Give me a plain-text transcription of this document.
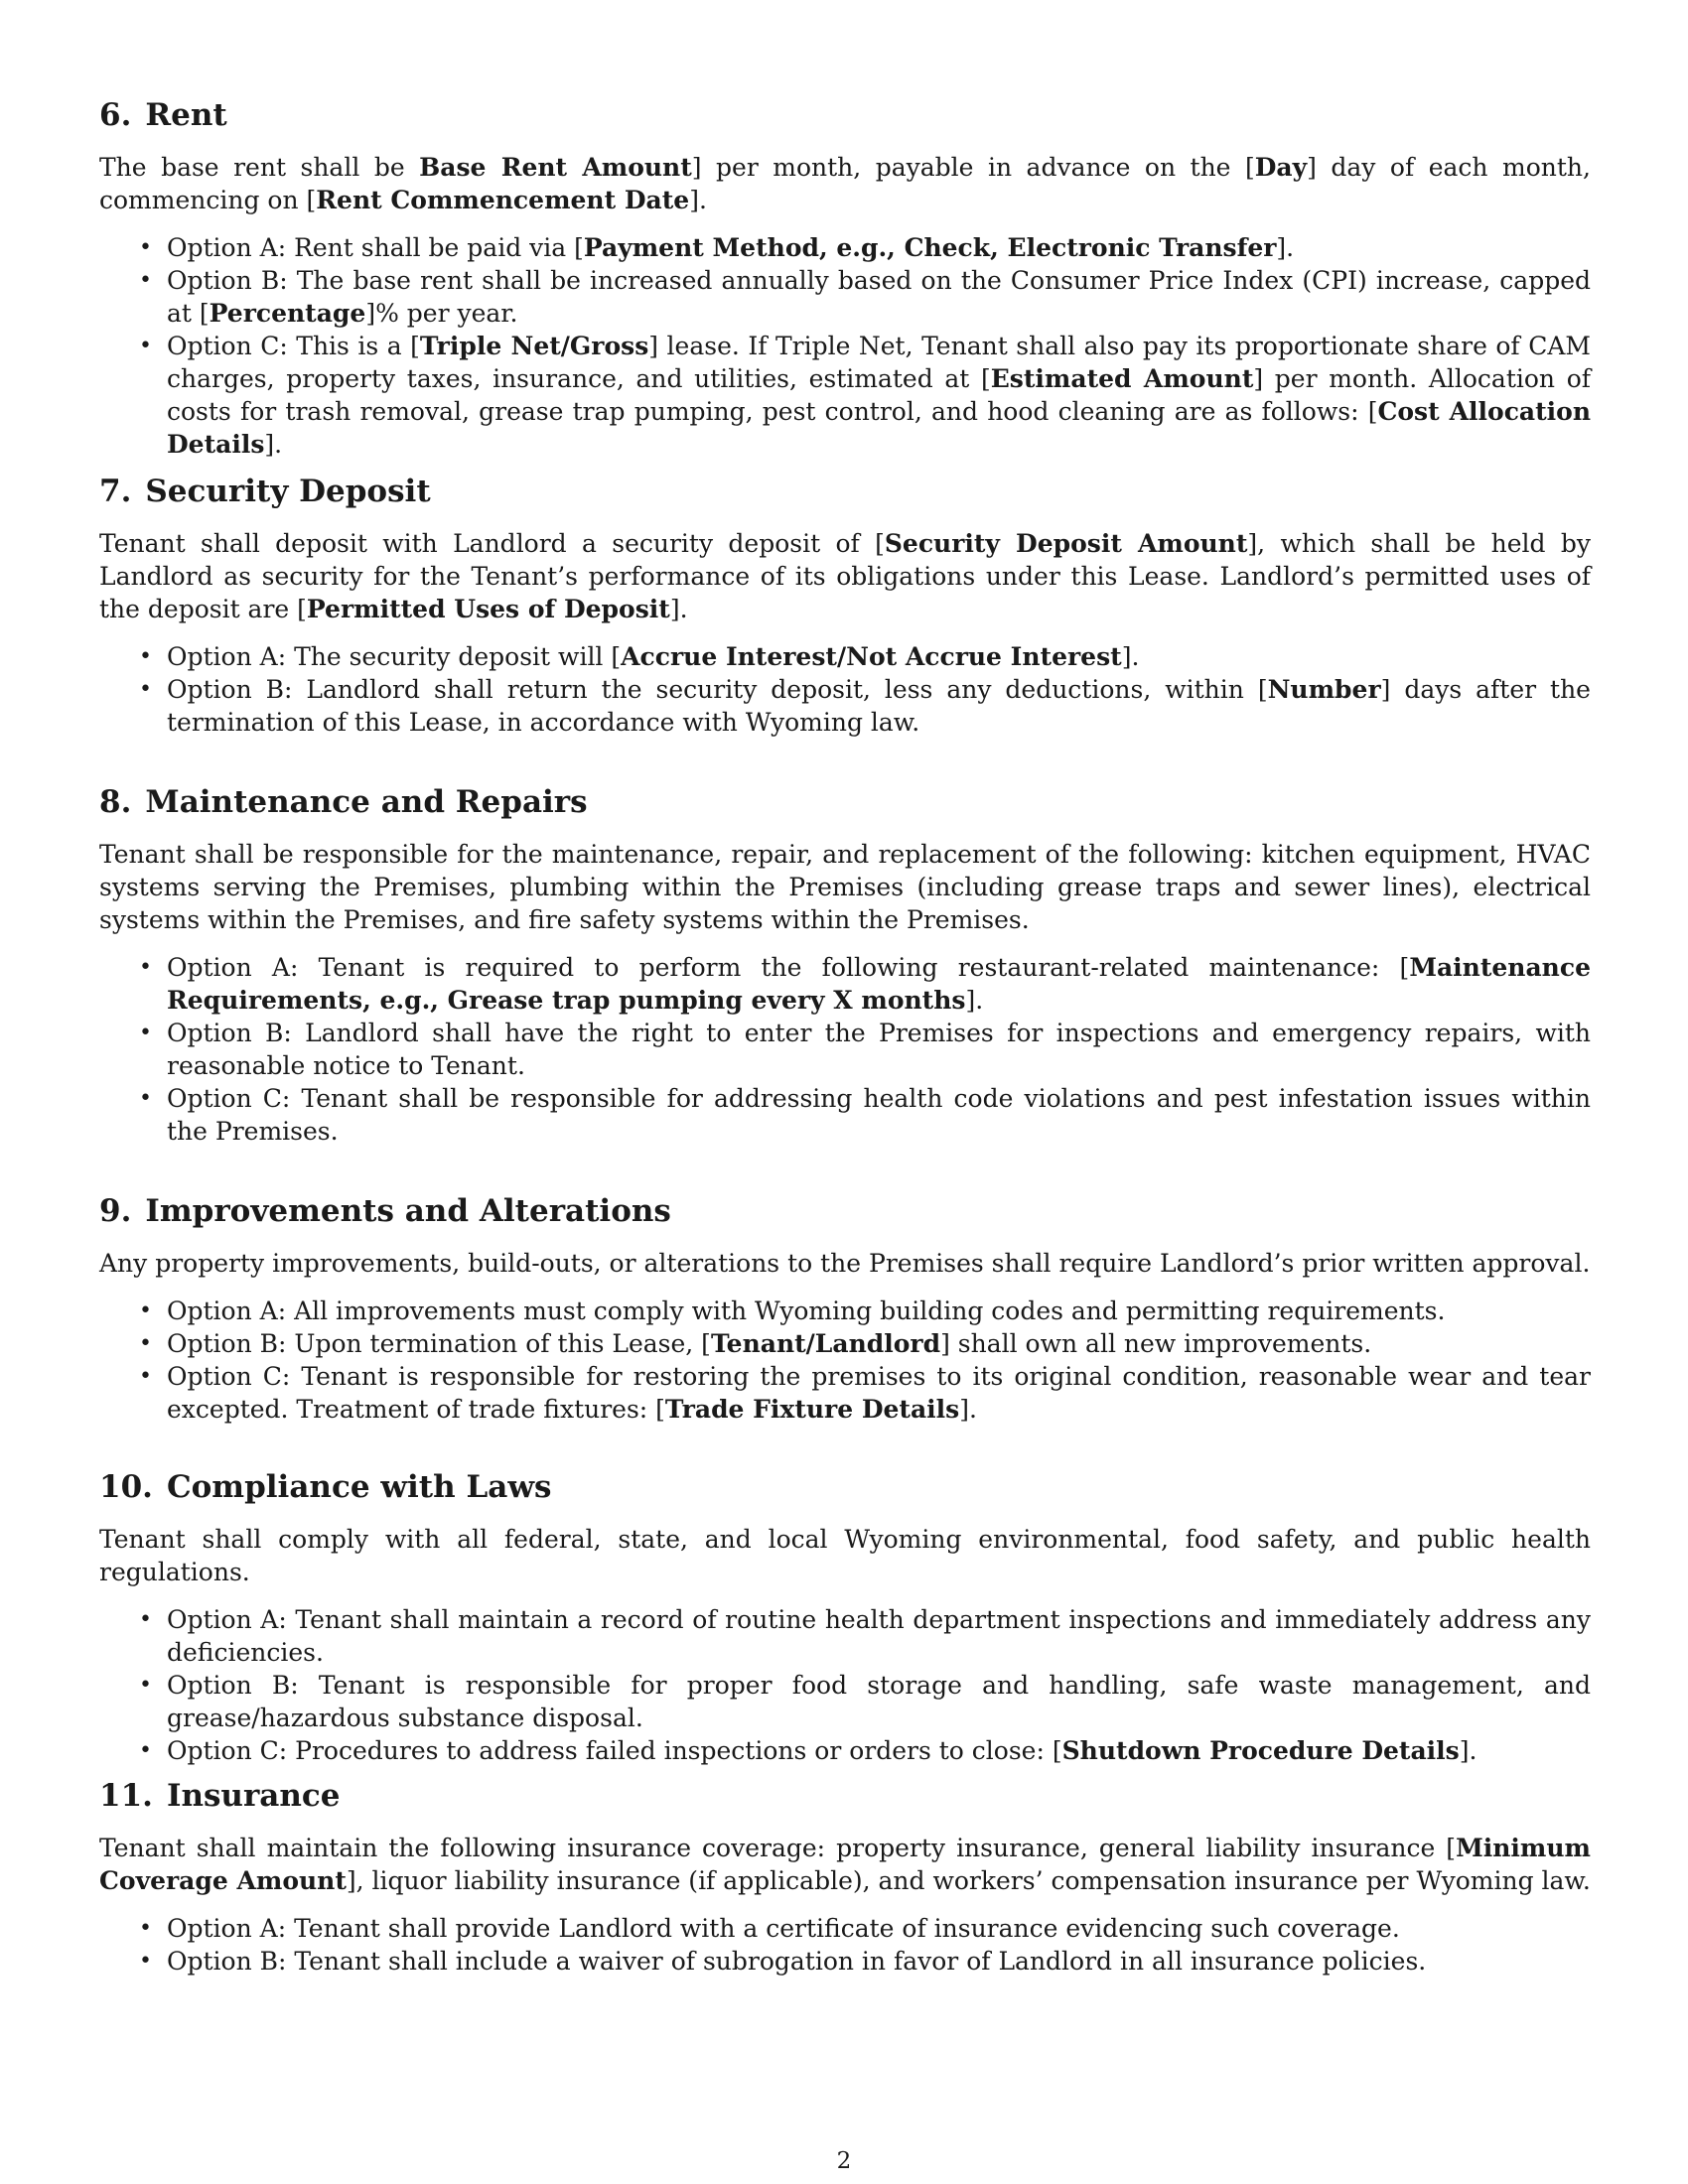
6. Rent

The base rent shall be Base Rent Amount] per month, payable in advance on the [Day] day of each month, commencing on [Rent Commencement Date].

• Option A: Rent shall be paid via [Payment Method, e.g., Check, Electronic Transfer].
• Option B: The base rent shall be increased annually based on the Consumer Price Index (CPI) increase, capped at [Percentage]% per year.
• Option C: This is a [Triple Net/Gross] lease. If Triple Net, Tenant shall also pay its proportionate share of CAM charges, property taxes, insurance, and utilities, estimated at [Estimated Amount] per month. Allocation of costs for trash removal, grease trap pumping, pest control, and hood cleaning are as follows: [Cost Allocation Details].
7. Security Deposit

Tenant shall deposit with Landlord a security deposit of [Security Deposit Amount], which shall be held by Landlord as security for the Tenant’s performance of its obligations under this Lease. Landlord’s permitted uses of the deposit are [Permitted Uses of Deposit].

• Option A: The security deposit will [Accrue Interest/Not Accrue Interest].
• Option B: Landlord shall return the security deposit, less any deductions, within [Number] days after the termination of this Lease, in accordance with Wyoming law.
8. Maintenance and Repairs

Tenant shall be responsible for the maintenance, repair, and replacement of the following: kitchen equipment, HVAC systems serving the Premises, plumbing within the Premises (including grease traps and sewer lines), electrical systems within the Premises, and fire safety systems within the Premises.

• Option A: Tenant is required to perform the following restaurant-related maintenance: [Maintenance Requirements, e.g., Grease trap pumping every X months].
• Option B: Landlord shall have the right to enter the Premises for inspections and emergency repairs, with reasonable notice to Tenant.
• Option C: Tenant shall be responsible for addressing health code violations and pest infestation issues within the Premises.
9. Improvements and Alterations

Any property improvements, build-outs, or alterations to the Premises shall require Landlord’s prior written approval.

• Option A: All improvements must comply with Wyoming building codes and permitting requirements.
• Option B: Upon termination of this Lease, [Tenant/Landlord] shall own all new improvements.
• Option C: Tenant is responsible for restoring the premises to its original condition, reasonable wear and tear excepted. Treatment of trade fixtures: [Trade Fixture Details].
10. Compliance with Laws

Tenant shall comply with all federal, state, and local Wyoming environmental, food safety, and public health regulations.

• Option A: Tenant shall maintain a record of routine health department inspections and immediately address any deficiencies.
• Option B: Tenant is responsible for proper food storage and handling, safe waste management, and grease/hazardous substance disposal.
• Option C: Procedures to address failed inspections or orders to close: [Shutdown Procedure Details].
11. Insurance

Tenant shall maintain the following insurance coverage: property insurance, general liability insurance [Minimum Coverage Amount], liquor liability insurance (if applicable), and workers’ compensation insurance per Wyoming law.

• Option A: Tenant shall provide Landlord with a certificate of insurance evidencing such coverage.
• Option B: Tenant shall include a waiver of subrogation in favor of Landlord in all insurance policies.
2
